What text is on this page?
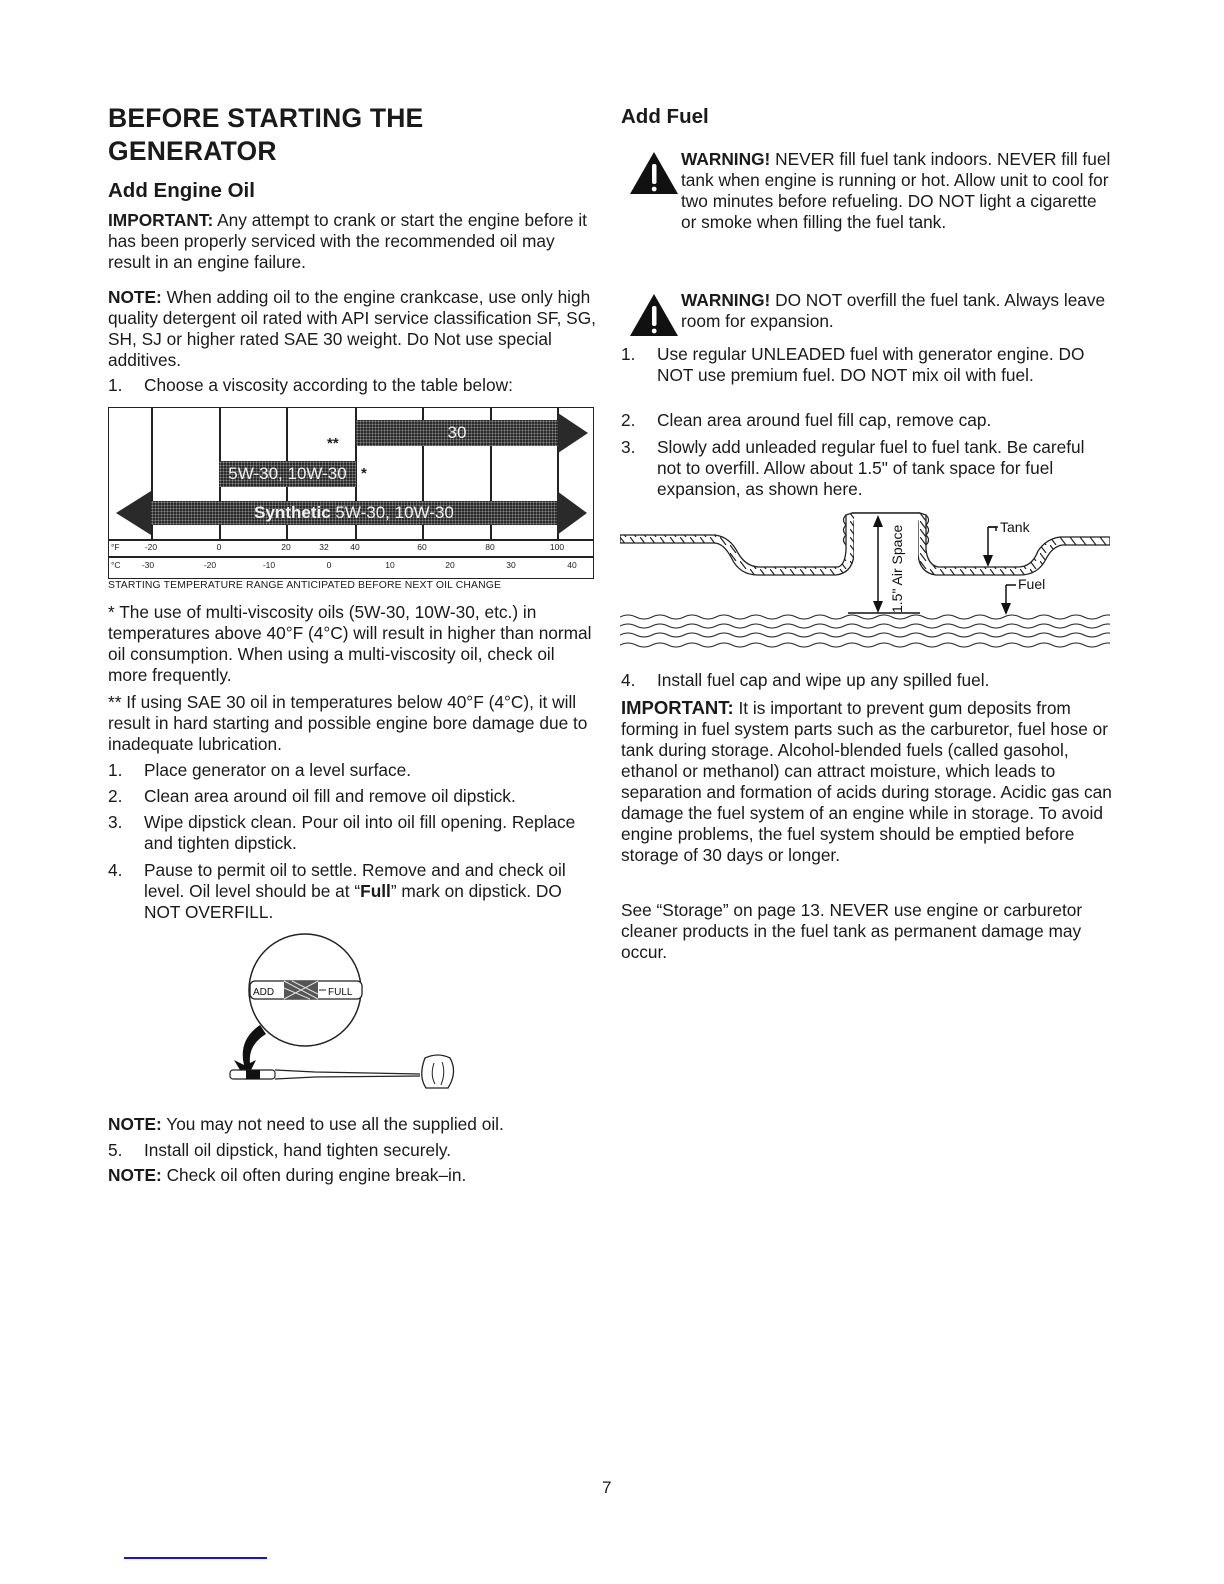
BEFORE STARTING THE GENERATOR
Add Engine Oil

IMPORTANT: Any attempt to crank or start the engine before it has been properly serviced with the recommended oil may result in an engine failure.

NOTE: When adding oil to the engine crankcase, use only high quality detergent oil rated with API service classification SF, SG, SH, SJ or higher rated SAE 30 weight. Do Not use special additives.

1.	Choose a viscosity according to the table below:
**
30
5W-30, 10W-30 *
Synthetic
5W-30, 10W-30
°F	-20	0	20	32	40	60	80	100
°C	-30	-20	-10	0	10	20	30	40
STARTING TEMPERATURE RANGE ANTICIPATED BEFORE NEXT OIL CHANGE

* The use of multi-viscosity oils (5W-30, 10W-30, etc.) in temperatures above 40°F (4°C) will result in higher than normal oil consumption. When using a multi-viscosity oil, check oil more frequently.

** If using SAE 30 oil in temperatures below 40°F (4°C), it will result in hard starting and possible engine bore damage due to inadequate lubrication.

1.	Place generator on a level surface.
2.	Clean area around oil fill and remove oil dipstick.
3.	Wipe dipstick clean. Pour oil into oil fill opening. Replace and tighten dipstick.
4.	Pause to permit oil to settle. Remove and and check oil level. Oil level should be at “Full” mark on dipstick. DO NOT OVERFILL.
ADD	FULL

NOTE: You may not need to use all the supplied oil.

5.	Install oil dipstick, hand tighten securely.

NOTE: Check oil often during engine break–in.

Add Fuel

WARNING! NEVER fill fuel tank indoors. NEVER fill fuel tank when engine is running or hot. Allow unit to cool for two minutes before refueling. DO NOT light a cigarette or smoke when filling the fuel tank.

WARNING! DO NOT overfill the fuel tank. Always leave room for expansion.

1.	Use regular UNLEADED fuel with generator engine. DO NOT use premium fuel. DO NOT mix oil with fuel.
2.	Clean area around fuel fill cap, remove cap.
3.	Slowly add unleaded regular fuel to fuel tank. Be careful not to overfill. Allow about 1.5" of tank space for fuel expansion, as shown here.
1.5" Air Space	Tank
Fuel
4.	Install fuel cap and wipe up any spilled fuel.

IMPORTANT: It is important to prevent gum deposits from forming in fuel system parts such as the carburetor, fuel hose or tank during storage. Alcohol-blended fuels (called gasohol, ethanol or methanol) can attract moisture, which leads to separation and formation of acids during storage. Acidic gas can damage the fuel system of an engine while in storage. To avoid engine problems, the fuel system should be emptied before storage of 30 days or longer.

See “Storage” on page 13. NEVER use engine or carburetor cleaner products in the fuel tank as permanent damage may occur.

7
